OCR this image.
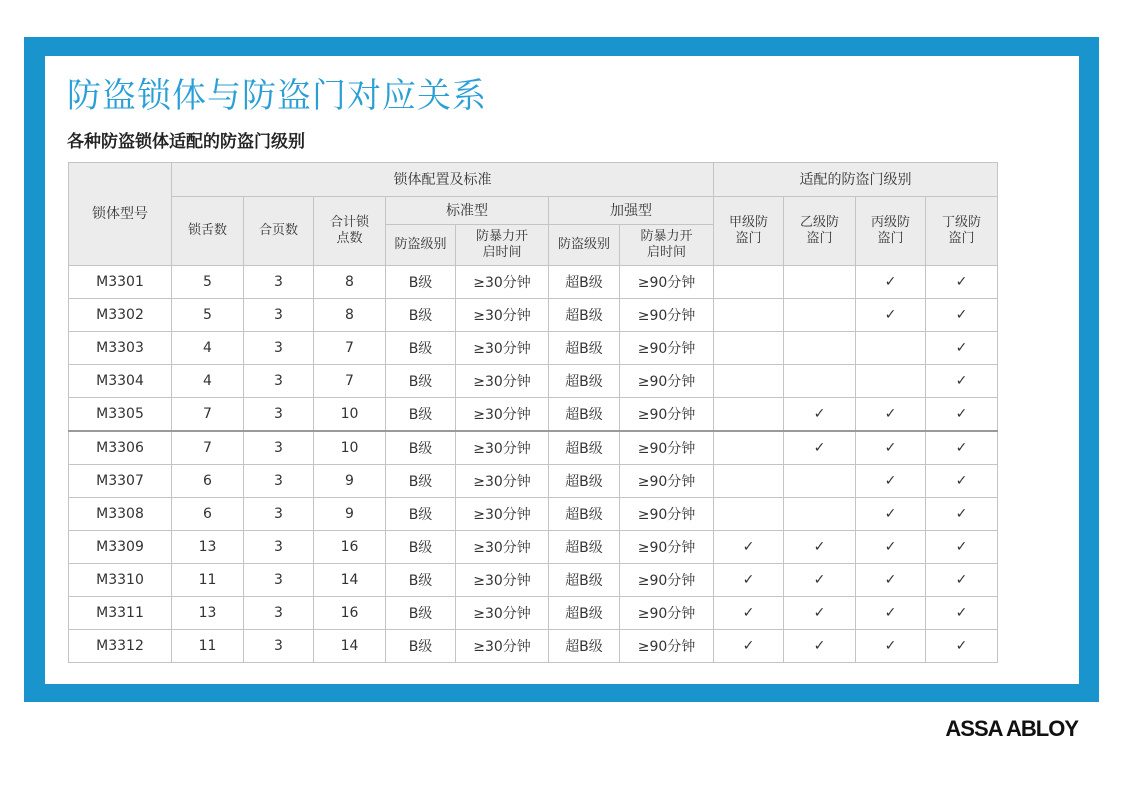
防盗锁体与防盗门对应关系
各种防盗锁体适配的防盗门级别
锁体型号	锁体配置及标准							适配的防盗门级别			
	锁舌数	合页数	合计锁点数	标准型		加强型		甲级防盗门	乙级防盗门	丙级防盗门	丁级防盗门
				防盗级别	防暴力开启时间	防盗级别	防暴力开启时间				
M3301	5	3	8	B级	≥30分钟	超B级	≥90分钟			✓	✓
M3302	5	3	8	B级	≥30分钟	超B级	≥90分钟			✓	✓
M3303	4	3	7	B级	≥30分钟	超B级	≥90分钟				✓
M3304	4	3	7	B级	≥30分钟	超B级	≥90分钟				✓
M3305	7	3	10	B级	≥30分钟	超B级	≥90分钟		✓	✓	✓
M3306	7	3	10	B级	≥30分钟	超B级	≥90分钟		✓	✓	✓
M3307	6	3	9	B级	≥30分钟	超B级	≥90分钟			✓	✓
M3308	6	3	9	B级	≥30分钟	超B级	≥90分钟			✓	✓
M3309	13	3	16	B级	≥30分钟	超B级	≥90分钟	✓	✓	✓	✓
M3310	11	3	14	B级	≥30分钟	超B级	≥90分钟	✓	✓	✓	✓
M3311	13	3	16	B级	≥30分钟	超B级	≥90分钟	✓	✓	✓	✓
M3312	11	3	14	B级	≥30分钟	超B级	≥90分钟	✓	✓	✓	✓
ASSA ABLOY
